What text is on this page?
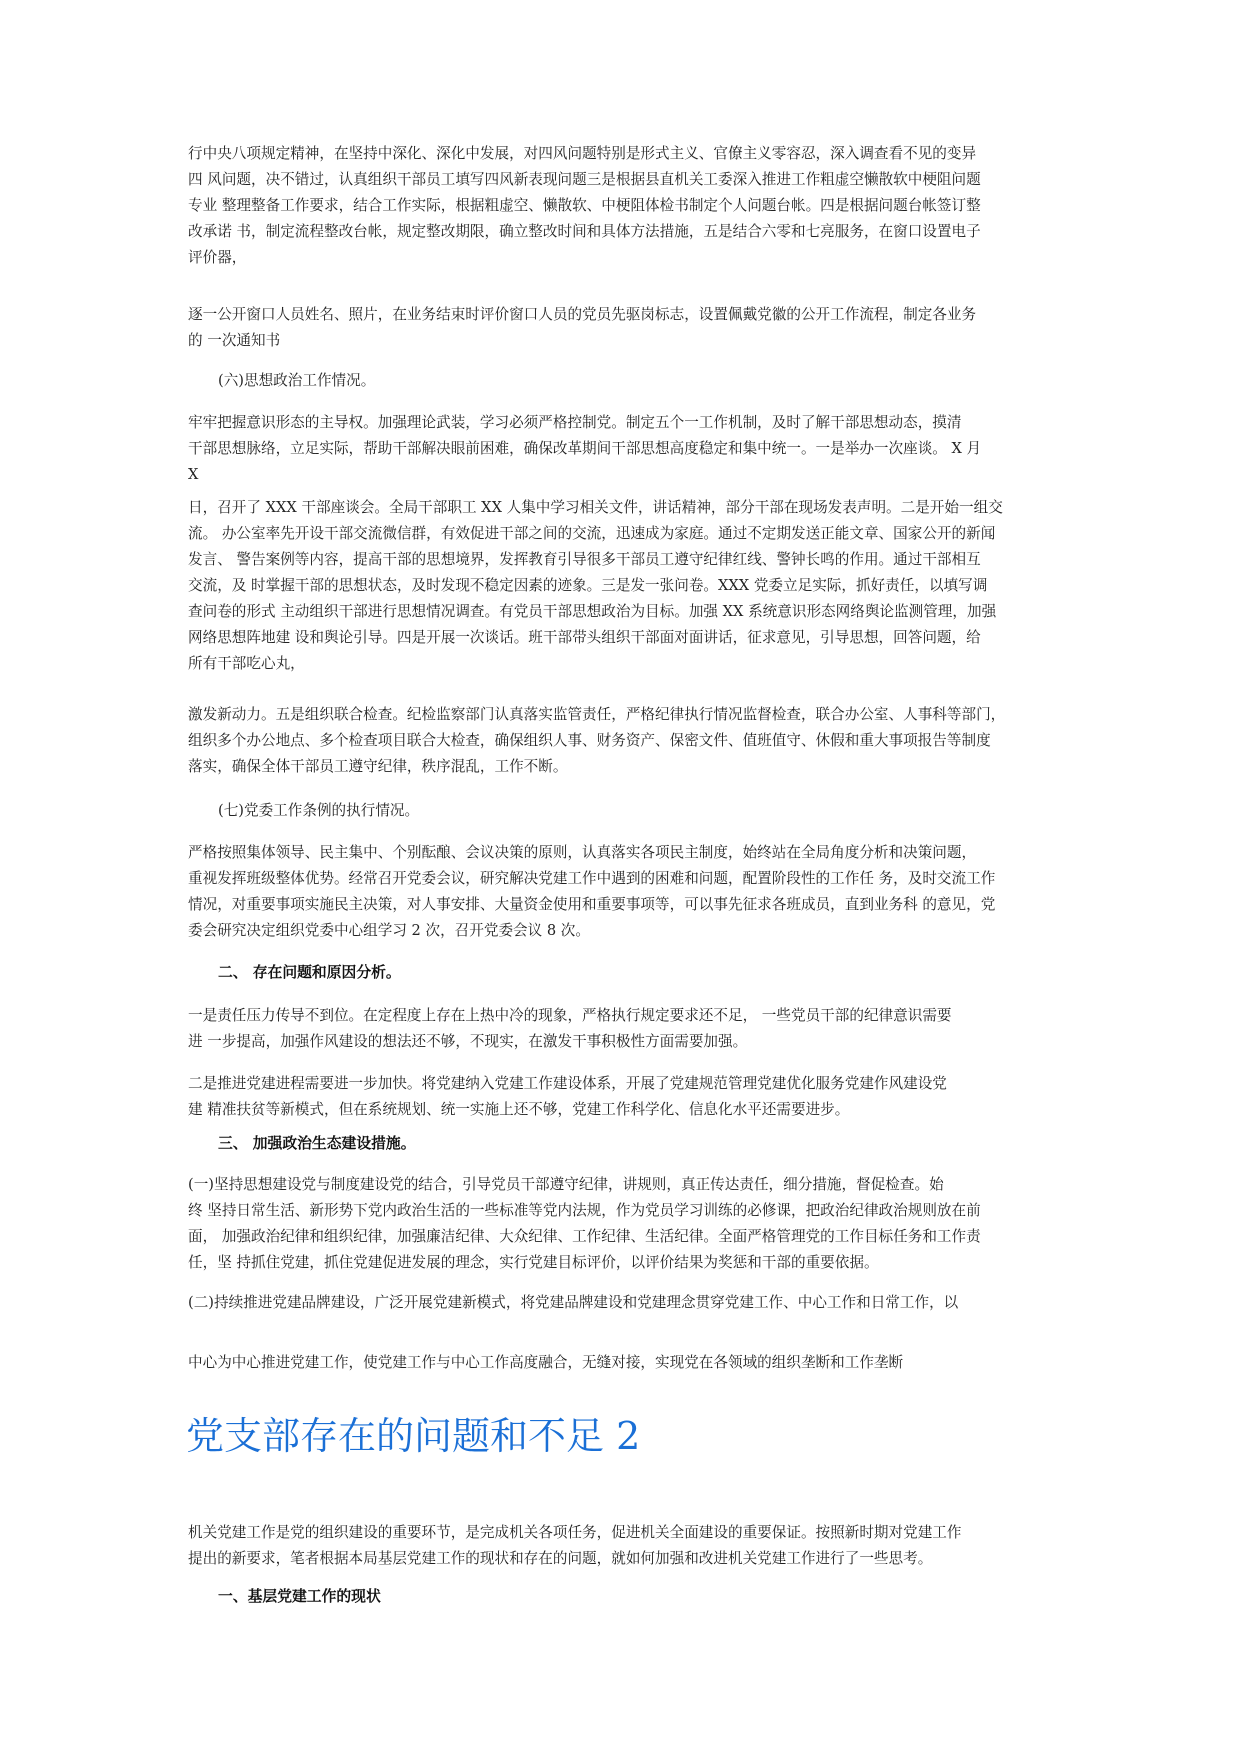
行中央八项规定精神，在坚持中深化、深化中发展，对四风问题特别是形式主义、官僚主义零容忍，深入调查看不见的变异
四 风问题，决不错过，认真组织干部员工填写四风新表现问题三是根据县直机关工委深入推进工作粗虚空懒散软中梗阻问题
专业 整理整备工作要求，结合工作实际，根据粗虚空、懒散软、中梗阻体检书制定个人问题台帐。四是根据问题台帐签订整
改承诺 书，制定流程整改台帐，规定整改期限，确立整改时间和具体方法措施，五是结合六零和七亮服务，在窗口设置电子
评价器，
逐一公开窗口人员姓名、照片，在业务结束时评价窗口人员的党员先驱岗标志，设置佩戴党徽的公开工作流程，制定各业务
的 一次通知书
(六)思想政治工作情况。
牢牢把握意识形态的主导权。加强理论武装，学习必须严格控制党。制定五个一工作机制，及时了解干部思想动态，摸清
干部思想脉络，立足实际，帮助干部解决眼前困难，确保改革期间干部思想高度稳定和集中统一。一是举办一次座谈。 X 月
X
日，召开了 XXX 干部座谈会。全局干部职工 XX 人集中学习相关文件，讲话精神，部分干部在现场发表声明。二是开始一组交
流。 办公室率先开设干部交流微信群，有效促进干部之间的交流，迅速成为家庭。通过不定期发送正能文章、国家公开的新闻
发言、 警告案例等内容，提高干部的思想境界，发挥教育引导很多干部员工遵守纪律红线、警钟长鸣的作用。通过干部相互
交流，及 时掌握干部的思想状态，及时发现不稳定因素的迹象。三是发一张问卷。XXX 党委立足实际，抓好责任，以填写调
查问卷的形式 主动组织干部进行思想情况调查。有党员干部思想政治为目标。加强 XX 系统意识形态网络舆论监测管理，加强
网络思想阵地建 设和舆论引导。四是开展一次谈话。班干部带头组织干部面对面讲话，征求意见，引导思想，回答问题，给
所有干部吃心丸，
激发新动力。五是组织联合检查。纪检监察部门认真落实监管责任，严格纪律执行情况监督检查，联合办公室、人事科等部门，
组织多个办公地点、多个检查项目联合大检查，确保组织人事、财务资产、保密文件、值班值守、休假和重大事项报告等制度
落实，确保全体干部员工遵守纪律，秩序混乱，工作不断。
(七)党委工作条例的执行情况。
严格按照集体领导、民主集中、个别酝酿、会议决策的原则，认真落实各项民主制度，始终站在全局角度分析和决策问题，
重视发挥班级整体优势。经常召开党委会议，研究解决党建工作中遇到的困难和问题，配置阶段性的工作任 务，及时交流工作
情况，对重要事项实施民主决策，对人事安排、大量资金使用和重要事项等，可以事先征求各班成员，直到业务科 的意见，党
委会研究决定组织党委中心组学习 2 次，召开党委会议 8 次。
二、 存在问题和原因分析。
一是责任压力传导不到位。在定程度上存在上热中冷的现象，严格执行规定要求还不足， 一些党员干部的纪律意识需要
进 一步提高，加强作风建设的想法还不够，不现实，在激发干事积极性方面需要加强。
二是推进党建进程需要进一步加快。将党建纳入党建工作建设体系，开展了党建规范管理党建优化服务党建作风建设党
建 精准扶贫等新模式，但在系统规划、统一实施上还不够，党建工作科学化、信息化水平还需要进步。
三、 加强政治生态建设措施。
(一)坚持思想建设党与制度建设党的结合，引导党员干部遵守纪律，讲规则，真正传达责任，细分措施，督促检查。始
终 坚持日常生活、新形势下党内政治生活的一些标准等党内法规，作为党员学习训练的必修课，把政治纪律政治规则放在前
面， 加强政治纪律和组织纪律，加强廉洁纪律、大众纪律、工作纪律、生活纪律。全面严格管理党的工作目标任务和工作责
任，坚 持抓住党建，抓住党建促进发展的理念，实行党建目标评价，以评价结果为奖惩和干部的重要依据。
(二)持续推进党建品牌建设，广泛开展党建新模式，将党建品牌建设和党建理念贯穿党建工作、中心工作和日常工作，以
中心为中心推进党建工作，使党建工作与中心工作高度融合，无缝对接，实现党在各领域的组织垄断和工作垄断
党支部存在的问题和不足 2
机关党建工作是党的组织建设的重要环节，是完成机关各项任务，促进机关全面建设的重要保证。按照新时期对党建工作
提出的新要求，笔者根据本局基层党建工作的现状和存在的问题，就如何加强和改进机关党建工作进行了一些思考。
一、基层党建工作的现状
